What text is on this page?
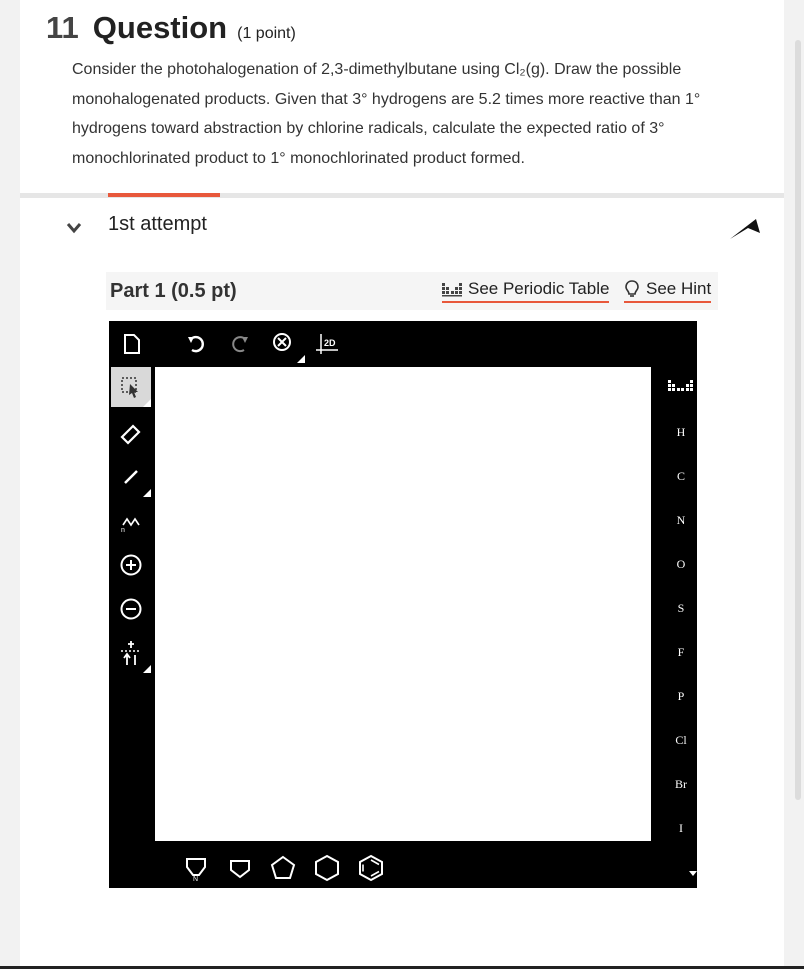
11 Question (1 point)

Consider the photohalogenation of 2,3-dimethylbutane using Cl₂(g). Draw the possible monohalogenated products. Given that 3° hydrogens are 5.2 times more reactive than 1° hydrogens toward abstraction by chlorine radicals, calculate the expected ratio of 3° monochlorinated product to 1° monochlorinated product formed.

1st attempt
Part 1 (0.5 pt)	See Periodic Table See Hint
2D
n
N
H
C
N
O
S
F
P
Cl
Br
I
